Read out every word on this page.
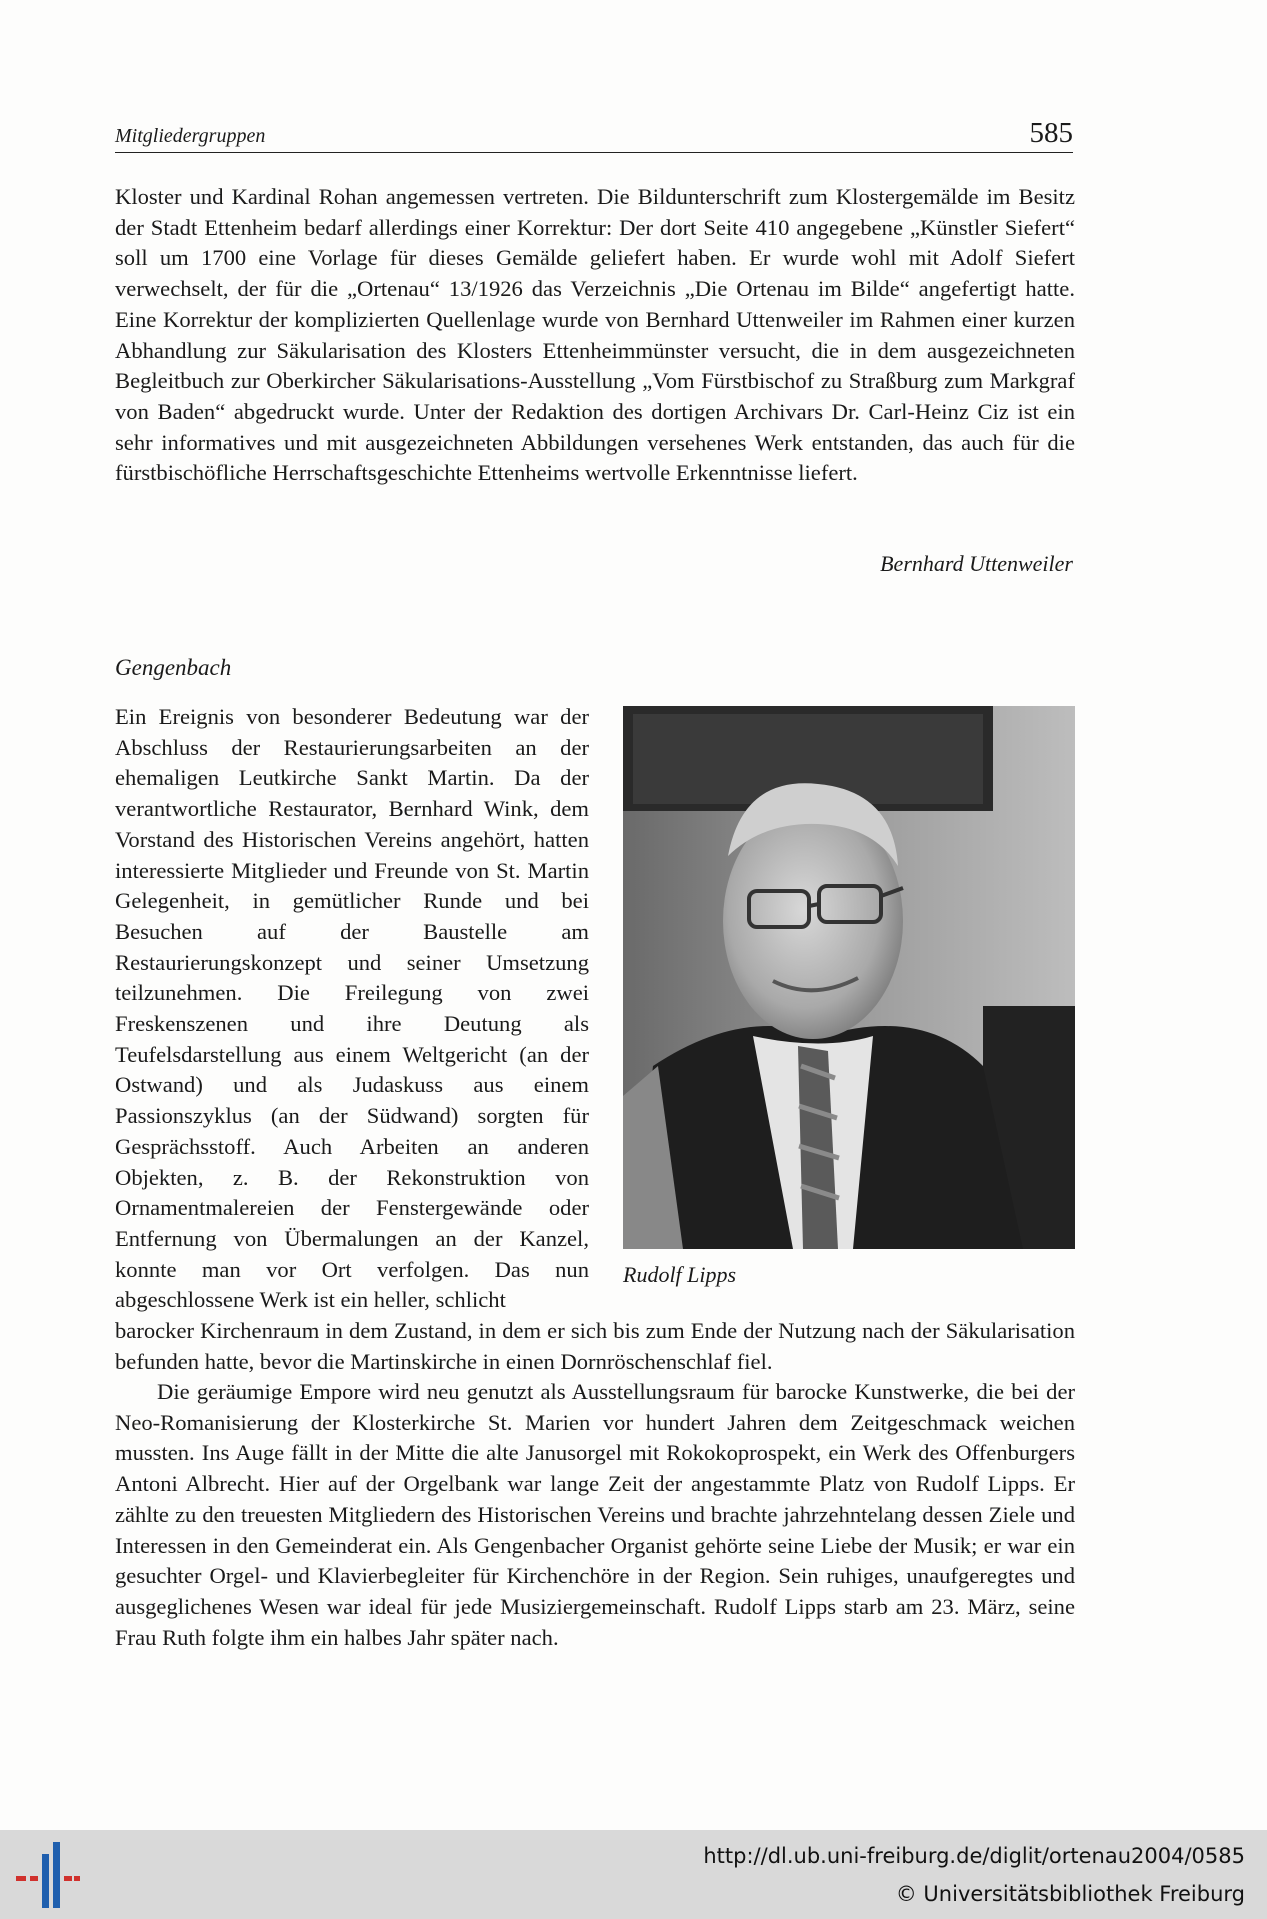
Mitgliedergruppen	585
Kloster und Kardinal Rohan angemessen vertreten. Die Bildunterschrift zum Klostergemälde im Besitz der Stadt Ettenheim bedarf allerdings einer Korrektur: Der dort Seite 410 angegebene „Künstler Siefert“ soll um 1700 eine Vorlage für dieses Gemälde geliefert haben. Er wurde wohl mit Adolf Siefert verwechselt, der für die „Ortenau“ 13/1926 das Verzeichnis „Die Ortenau im Bilde“ angefertigt hatte. Eine Korrektur der komplizierten Quellenlage wurde von Bernhard Uttenweiler im Rahmen einer kurzen Abhandlung zur Säkularisation des Klosters Ettenheimmünster versucht, die in dem ausgezeichneten Begleitbuch zur Oberkircher Säkularisations-Ausstellung „Vom Fürstbischof zu Straßburg zum Markgraf von Baden“ abgedruckt wurde. Unter der Redaktion des dortigen Archivars Dr. Carl-Heinz Ciz ist ein sehr informatives und mit ausgezeichneten Abbildungen versehenes Werk entstanden, das auch für die fürstbischöfliche Herrschaftsgeschichte Ettenheims wertvolle Erkenntnisse liefert.
Bernhard Uttenweiler
Gengenbach
Ein Ereignis von besonderer Bedeutung war der Abschluss der Restaurierungsarbeiten an der ehemaligen Leutkirche Sankt Martin. Da der verantwortliche Restaurator, Bernhard Wink, dem Vorstand des Historischen Vereins angehört, hatten interessierte Mitglieder und Freunde von St. Martin Gelegenheit, in gemütlicher Runde und bei Besuchen auf der Baustelle am Restaurierungskonzept und seiner Umsetzung teilzunehmen. Die Freilegung von zwei Freskenszenen und ihre Deutung als Teufelsdarstellung aus einem Weltgericht (an der Ostwand) und als Judaskuss aus einem Passionszyklus (an der Südwand) sorgten für Gesprächsstoff. Auch Arbeiten an anderen Objekten, z. B. der Rekonstruktion von Ornamentmalereien der Fenstergewände oder Entfernung von Übermalungen an der Kanzel, konnte man vor Ort verfolgen. Das nun abgeschlossene Werk ist ein heller, schlicht
Rudolf Lipps
barocker Kirchenraum in dem Zustand, in dem er sich bis zum Ende der Nutzung nach der Säkularisation befunden hatte, bevor die Martinskirche in einen Dornröschenschlaf fiel.
Die geräumige Empore wird neu genutzt als Ausstellungsraum für barocke Kunstwerke, die bei der Neo-Romanisierung der Klosterkirche St. Marien vor hundert Jahren dem Zeitgeschmack weichen mussten. Ins Auge fällt in der Mitte die alte Janusorgel mit Rokokoprospekt, ein Werk des Offenburgers Antoni Albrecht. Hier auf der Orgelbank war lange Zeit der angestammte Platz von Rudolf Lipps. Er zählte zu den treuesten Mitgliedern des Historischen Vereins und brachte jahrzehntelang dessen Ziele und Interessen in den Gemeinderat ein. Als Gengenbacher Organist gehörte seine Liebe der Musik; er war ein gesuchter Orgel- und Klavierbegleiter für Kirchenchöre in der Region. Sein ruhiges, unaufgeregtes und ausgeglichenes Wesen war ideal für jede Musiziergemeinschaft. Rudolf Lipps starb am 23. März, seine Frau Ruth folgte ihm ein halbes Jahr später nach.
http://dl.ub.uni-freiburg.de/diglit/ortenau2004/0585
© Universitätsbibliothek Freiburg
